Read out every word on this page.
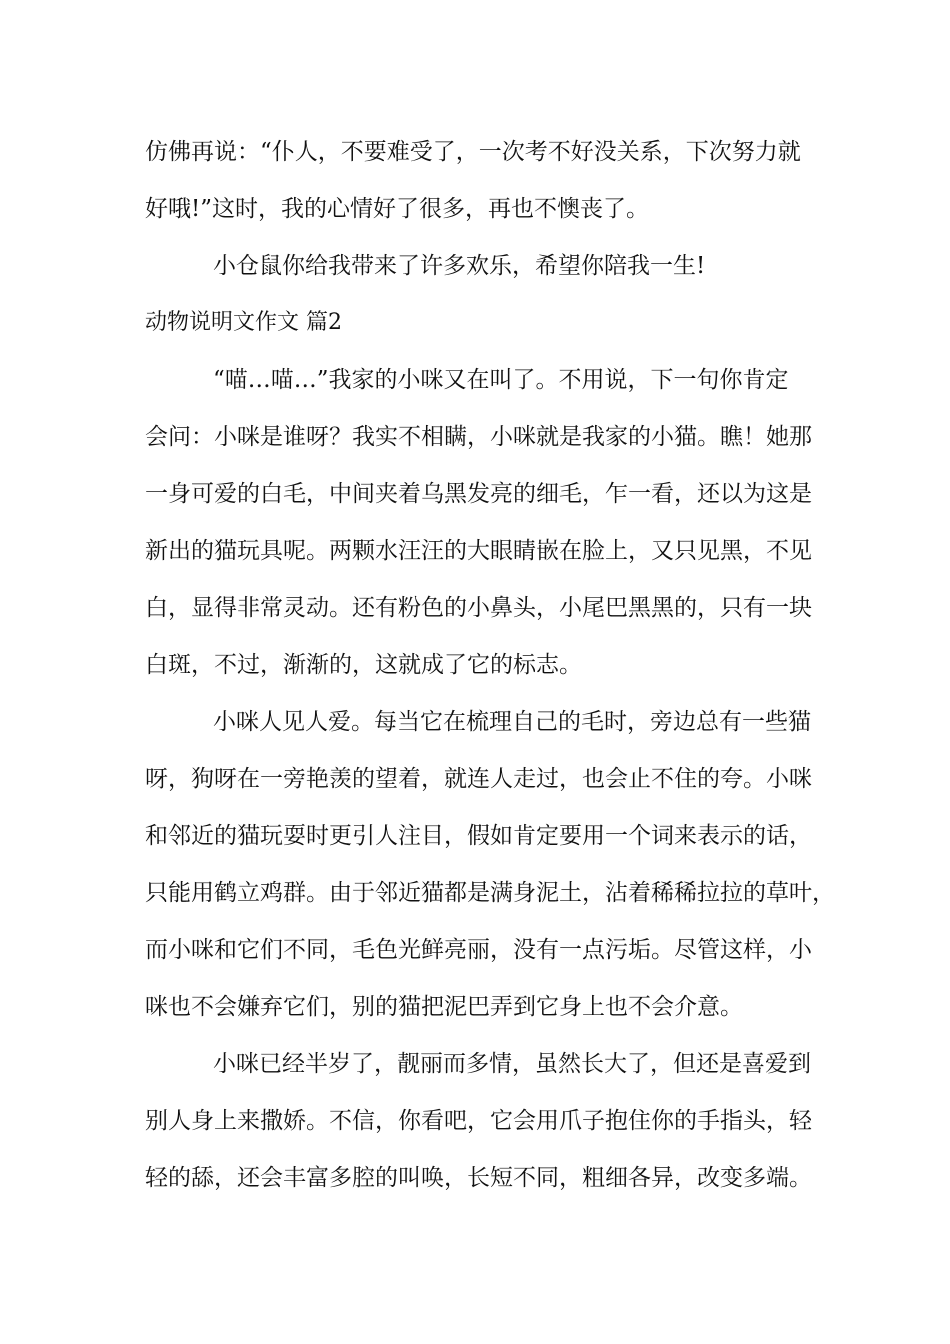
仿佛再说：“仆人，不要难受了，一次考不好没关系，下次努力就
好哦!”这时，我的心情好了很多，再也不懊丧了。
小仓鼠你给我带来了许多欢乐，希望你陪我一生!
动物说明文作文 篇2
“喵…喵…”我家的小咪又在叫了。不用说，下一句你肯定
会问：小咪是谁呀？我实不相瞒，小咪就是我家的小猫。瞧！她那
一身可爱的白毛，中间夹着乌黑发亮的细毛，乍一看，还以为这是
新出的猫玩具呢。两颗水汪汪的大眼睛嵌在脸上，又只见黑，不见
白，显得非常灵动。还有粉色的小鼻头，小尾巴黑黑的，只有一块
白斑，不过，渐渐的，这就成了它的标志。
小咪人见人爱。每当它在梳理自己的毛时，旁边总有一些猫
呀，狗呀在一旁艳羡的望着，就连人走过，也会止不住的夸。小咪
和邻近的猫玩耍时更引人注目，假如肯定要用一个词来表示的话，
只能用鹤立鸡群。由于邻近猫都是满身泥土，沾着稀稀拉拉的草叶，
而小咪和它们不同，毛色光鲜亮丽，没有一点污垢。尽管这样，小
咪也不会嫌弃它们，别的猫把泥巴弄到它身上也不会介意。
小咪已经半岁了，靓丽而多情，虽然长大了，但还是喜爱到
别人身上来撒娇。不信，你看吧，它会用爪子抱住你的手指头，轻
轻的舔，还会丰富多腔的叫唤，长短不同，粗细各异，改变多端。
